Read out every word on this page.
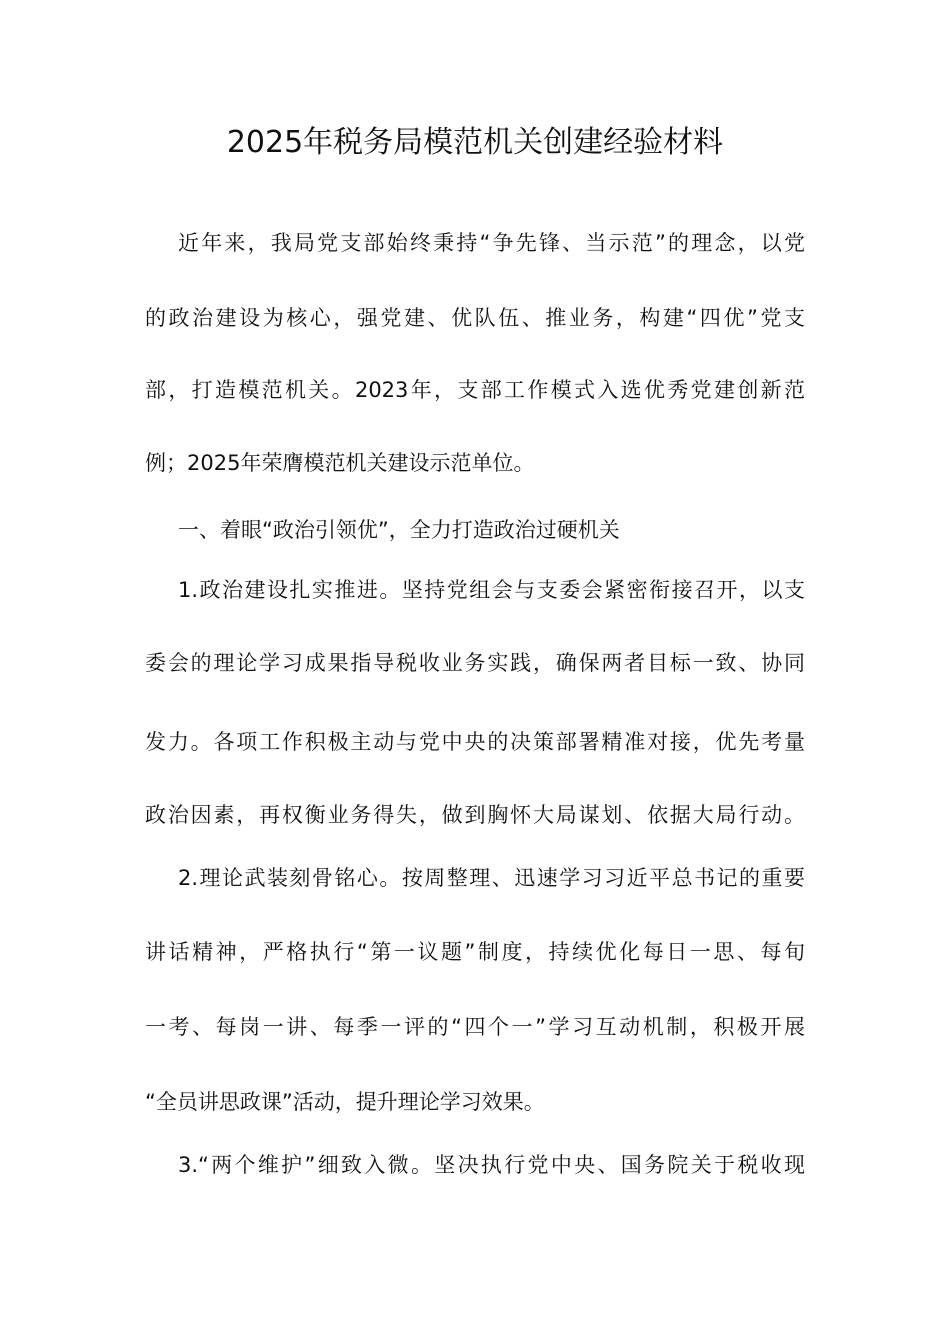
2025年税务局模范机关创建经验材料
近年来，我局党支部始终秉持“争先锋、当示范”的理念，以党
的政治建设为核心，强党建、优队伍、推业务，构建“四优”党支
部，打造模范机关。2023年，支部工作模式入选优秀党建创新范
例；2025年荣膺模范机关建设示范单位。
一、着眼“政治引领优”，全力打造政治过硬机关
1.政治建设扎实推进。坚持党组会与支委会紧密衔接召开，以支
委会的理论学习成果指导税收业务实践，确保两者目标一致、协同
发力。各项工作积极主动与党中央的决策部署精准对接，优先考量
政治因素，再权衡业务得失，做到胸怀大局谋划、依据大局行动。
2.理论武装刻骨铭心。按周整理、迅速学习习近平总书记的重要
讲话精神，严格执行“第一议题”制度，持续优化每日一思、每旬
一考、每岗一讲、每季一评的“四个一”学习互动机制，积极开展
“全员讲思政课”活动，提升理论学习效果。
3.“两个维护”细致入微。坚决执行党中央、国务院关于税收现
